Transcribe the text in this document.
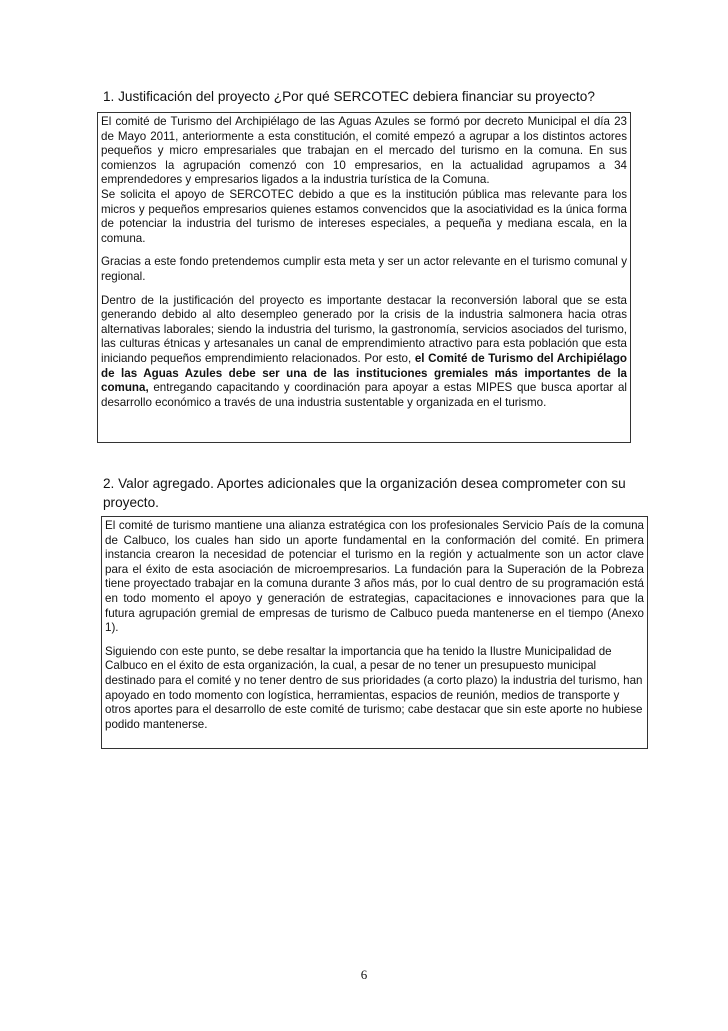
1. Justificación del proyecto ¿Por qué SERCOTEC debiera financiar su proyecto?

El comité de Turismo del Archipiélago de las Aguas Azules se formó por decreto Municipal el día 23 de Mayo 2011, anteriormente a esta constitución, el comité empezó a agrupar a los distintos actores pequeños y micro empresariales que trabajan en el mercado del turismo en la comuna. En sus comienzos la agrupación comenzó con 10 empresarios, en la actualidad agrupamos a 34 emprendedores y empresarios ligados a la industria turística de la Comuna.

Se solicita el apoyo de SERCOTEC debido a que es la institución pública mas relevante para los micros y pequeños empresarios quienes estamos convencidos que la asociatividad es la única forma de potenciar la industria del turismo de intereses especiales, a pequeña y mediana escala, en la comuna.

Gracias a este fondo pretendemos cumplir esta meta y ser un actor relevante en el turismo comunal y regional.

Dentro de la justificación del proyecto es importante destacar la reconversión laboral que se esta generando debido al alto desempleo generado por la crisis de la industria salmonera hacia otras alternativas laborales; siendo la industria del turismo, la gastronomía, servicios asociados del turismo, las culturas étnicas y artesanales un canal de emprendimiento atractivo para esta población que esta iniciando pequeños emprendimiento relacionados. Por esto, el Comité de Turismo del Archipiélago de las Aguas Azules debe ser una de las instituciones gremiales más importantes de la comuna, entregando capacitando y coordinación para apoyar a estas MIPES que busca aportar al desarrollo económico a través de una industria sustentable y organizada en el turismo.

2. Valor agregado. Aportes adicionales que la organización desea comprometer con su proyecto.

El comité de turismo mantiene una alianza estratégica con los profesionales Servicio País de la comuna de Calbuco, los cuales han sido un aporte fundamental en la conformación del comité. En primera instancia crearon la necesidad de potenciar el turismo en la región y actualmente son un actor clave para el éxito de esta asociación de microempresarios. La fundación para la Superación de la Pobreza tiene proyectado trabajar en la comuna durante 3 años más, por lo cual dentro de su programación está en todo momento el apoyo y generación de estrategias, capacitaciones e innovaciones para que la futura agrupación gremial de empresas de turismo de Calbuco pueda mantenerse en el tiempo (Anexo 1).

Siguiendo con este punto, se debe resaltar la importancia que ha tenido la Ilustre Municipalidad de Calbuco en el éxito de esta organización, la cual, a pesar de no tener un presupuesto municipal destinado para el comité y no tener dentro de sus prioridades (a corto plazo) la industria del turismo, han apoyado en todo momento con logística, herramientas, espacios de reunión, medios de transporte y otros aportes para el desarrollo de este comité de turismo; cabe destacar que sin este aporte no hubiese podido mantenerse.

6
